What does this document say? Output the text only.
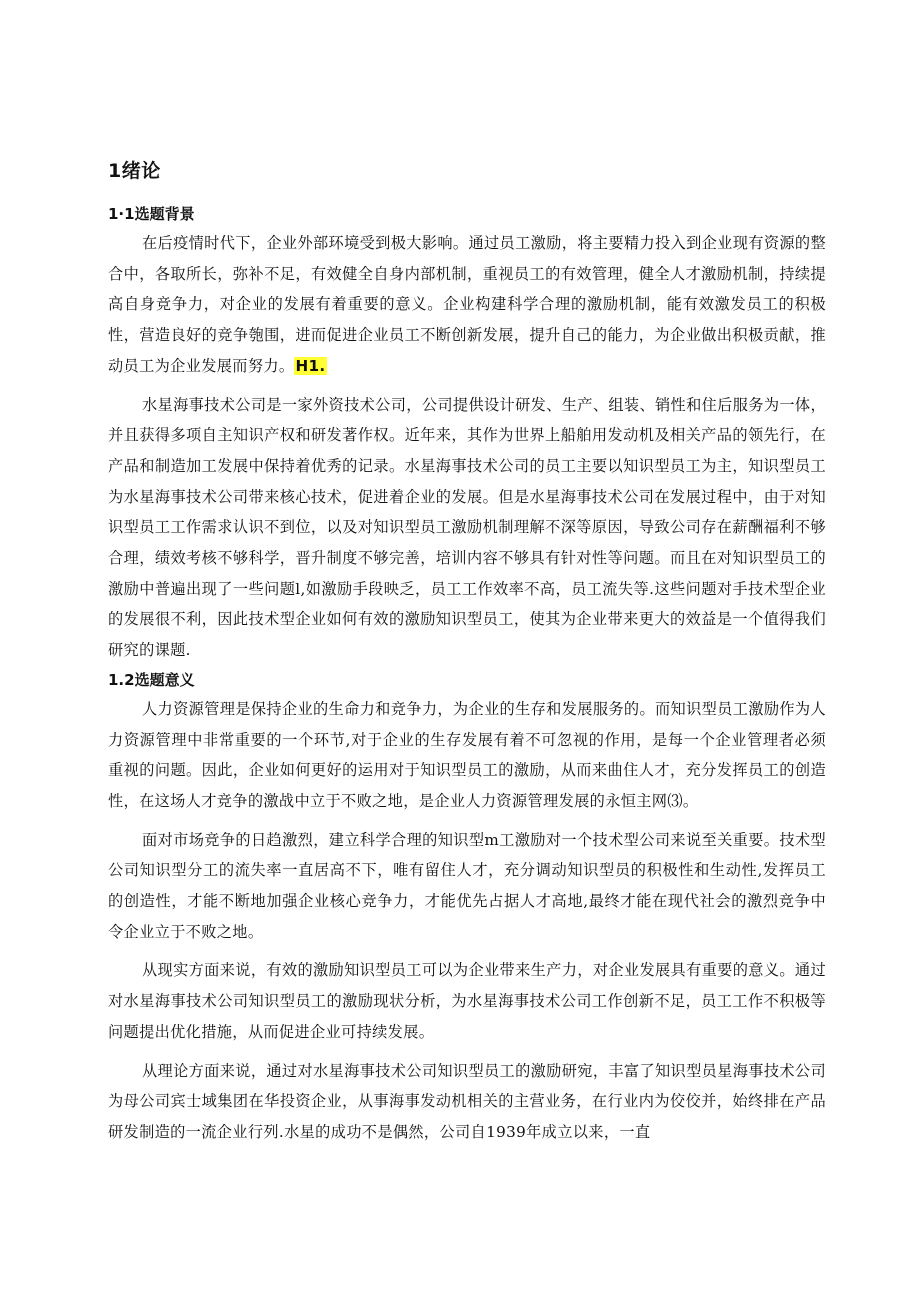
1绪论
1·1选题背景

在后疫情时代下，企业外部环境受到极大影响。通过员工激励，将主要精力投入到企业现有资源的整合中，各取所长，弥补不足，有效健全自身内部机制，重视员工的有效管理，健全人才激励机制，持续提高自身竞争力，对企业的发展有着重要的意义。企业构建科学合理的激励机制，能有效激发员工的积极性，营造良好的竞争匏围，进而促进企业员工不断创新发展，提升自己的能力，为企业做出积极贡献，推动员工为企业发展而努力。H1.

水星海事技术公司是一家外资技术公司，公司提供设计研发、生产、组装、销性和住后服务为一体，并且获得多项自主知识产权和研发著作权。近年来，其作为世界上船舶用发动机及相关产品的领先行，在产品和制造加工发展中保持着优秀的记录。水星海事技术公司的员工主要以知识型员工为主，知识型员工为水星海事技术公司带来核心技术，促进着企业的发展。但是水星海事技术公司在发展过程中，由于对知识型员工工作需求认识不到位，以及对知识型员工激励机制理解不深等原因，导致公司存在薪酬福利不够合理，绩效考核不够科学，晋升制度不够完善，培训内容不够具有针对性等问题。而且在对知识型员工的激励中普遍出现了一些问题l,如激励手段映乏，员工工作效率不高，员工流失等.这些问题对手技术型企业的发展很不利，因此技术型企业如何有效的激励知识型员工，使其为企业带来更大的效益是一个值得我们研究的课题.

1.2选题意义

人力资源管理是保持企业的生命力和竞争力，为企业的生存和发展服务的。而知识型员工激励作为人力资源管理中非常重要的一个环节,对于企业的生存发展有着不可忽视的作用，是每一个企业管理者必须重视的问题。因此，企业如何更好的运用对于知识型员工的激励，从而来曲住人才，充分发挥员工的创造性，在这场人才竞争的激战中立于不败之地，是企业人力资源管理发展的永恒主网⑶。

面对市场竞争的日趋激烈，建立科学合理的知识型m工激励对一个技术型公司来说至关重要。技术型公司知识型分工的流失率一直居高不下，唯有留住人才，充分调动知识型员的积极性和生动性,发挥员工的创造性，才能不断地加强企业核心竞争力，才能优先占据人才高地,最终才能在现代社会的激烈竞争中令企业立于不败之地。

从现实方面来说，有效的激励知识型员工可以为企业带来生产力，对企业发展具有重要的意义。通过对水星海事技术公司知识型员工的激励现状分析，为水星海事技术公司工作创新不足，员工工作不积极等问题提出优化措施，从而促进企业可持续发展。

从理论方面来说，通过对水星海事技术公司知识型员工的激励研宛，丰富了知识型员星海事技术公司为母公司宾士域集团在华投资企业，从事海事发动机相关的主营业务，在行业内为佼佼并，始终排在产品研发制造的一流企业行列.水星的成功不是偶然，公司自1939年成立以来，一直
